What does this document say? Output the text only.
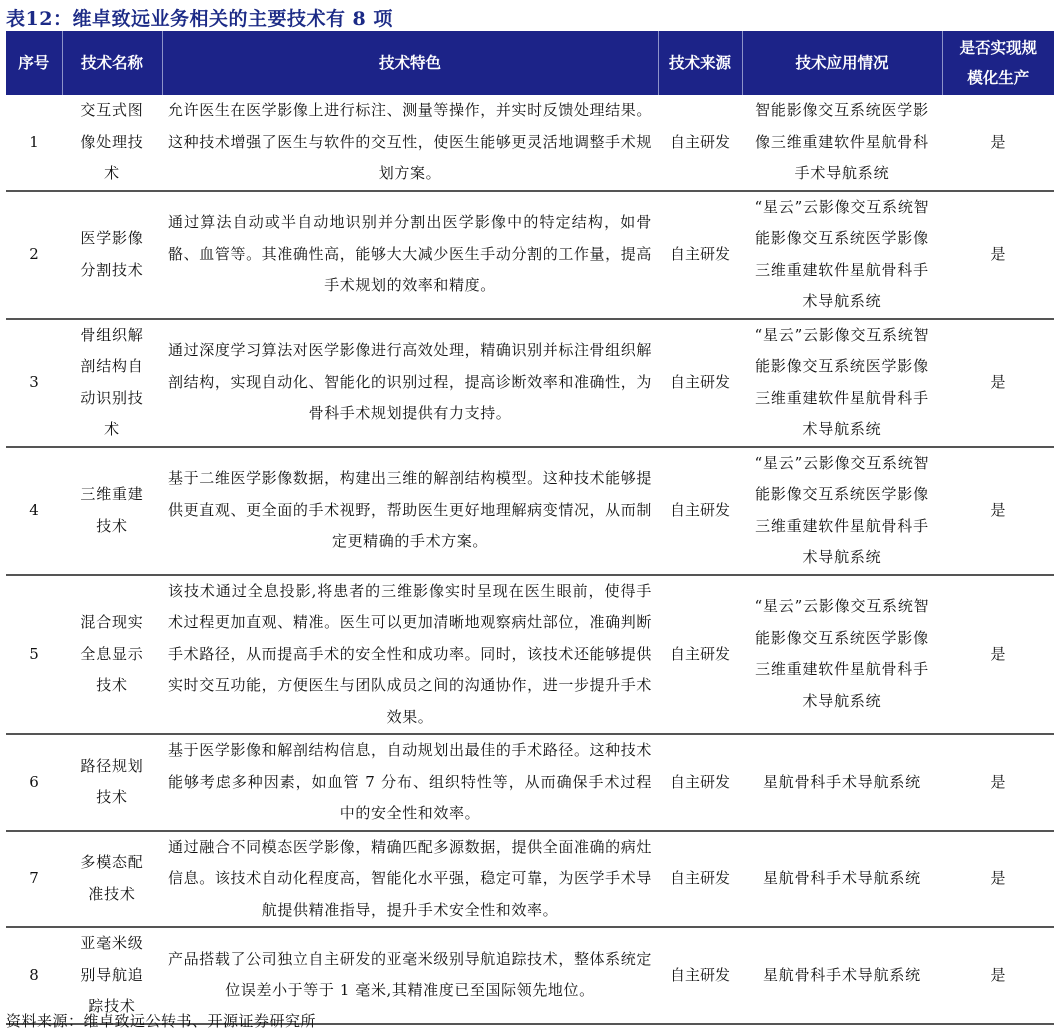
表12：维卓致远业务相关的主要技术有 8 项
序号	技术名称	技术特色	技术来源	技术应用情况	是否实现规模化生产
1	交互式图像处理技术	允许医生在医学影像上进行标注、测量等操作，并实时反馈处理结果。这种技术增强了医生与软件的交互性，使医生能够更灵活地调整手术规划方案。	自主研发	智能影像交互系统医学影像三维重建软件星航骨科手术导航系统	是
2	医学影像分割技术	通过算法自动或半自动地识别并分割出医学影像中的特定结构，如骨骼、血管等。其准确性高，能够大大减少医生手动分割的工作量，提高手术规划的效率和精度。	自主研发	“星云”云影像交互系统智能影像交互系统医学影像三维重建软件星航骨科手术导航系统	是
3	骨组织解剖结构自动识别技术	通过深度学习算法对医学影像进行高效处理，精确识别并标注骨组织解剖结构，实现自动化、智能化的识别过程，提高诊断效率和准确性，为骨科手术规划提供有力支持。	自主研发	“星云”云影像交互系统智能影像交互系统医学影像三维重建软件星航骨科手术导航系统	是
4	三维重建技术	基于二维医学影像数据，构建出三维的解剖结构模型。这种技术能够提供更直观、更全面的手术视野，帮助医生更好地理解病变情况，从而制定更精确的手术方案。	自主研发	“星云”云影像交互系统智能影像交互系统医学影像三维重建软件星航骨科手术导航系统	是
5	混合现实全息显示技术	该技术通过全息投影,将患者的三维影像实时呈现在医生眼前，使得手术过程更加直观、精准。医生可以更加清晰地观察病灶部位，准确判断手术路径，从而提高手术的安全性和成功率。同时，该技术还能够提供实时交互功能，方便医生与团队成员之间的沟通协作，进一步提升手术效果。	自主研发	“星云”云影像交互系统智能影像交互系统医学影像三维重建软件星航骨科手术导航系统	是
6	路径规划技术	基于医学影像和解剖结构信息，自动规划出最佳的手术路径。这种技术能够考虑多种因素，如血管 7 分布、组织特性等，从而确保手术过程中的安全性和效率。	自主研发	星航骨科手术导航系统	是
7	多模态配准技术	通过融合不同模态医学影像，精确匹配多源数据，提供全面准确的病灶信息。该技术自动化程度高，智能化水平强，稳定可靠，为医学手术导航提供精准指导，提升手术安全性和效率。	自主研发	星航骨科手术导航系统	是
8	亚毫米级别导航追踪技术	产品搭载了公司独立自主研发的亚毫米级别导航追踪技术，整体系统定位误差小于等于 1 毫米,其精准度已至国际领先地位。	自主研发	星航骨科手术导航系统	是
资料来源：维卓致远公转书、开源证券研究所
